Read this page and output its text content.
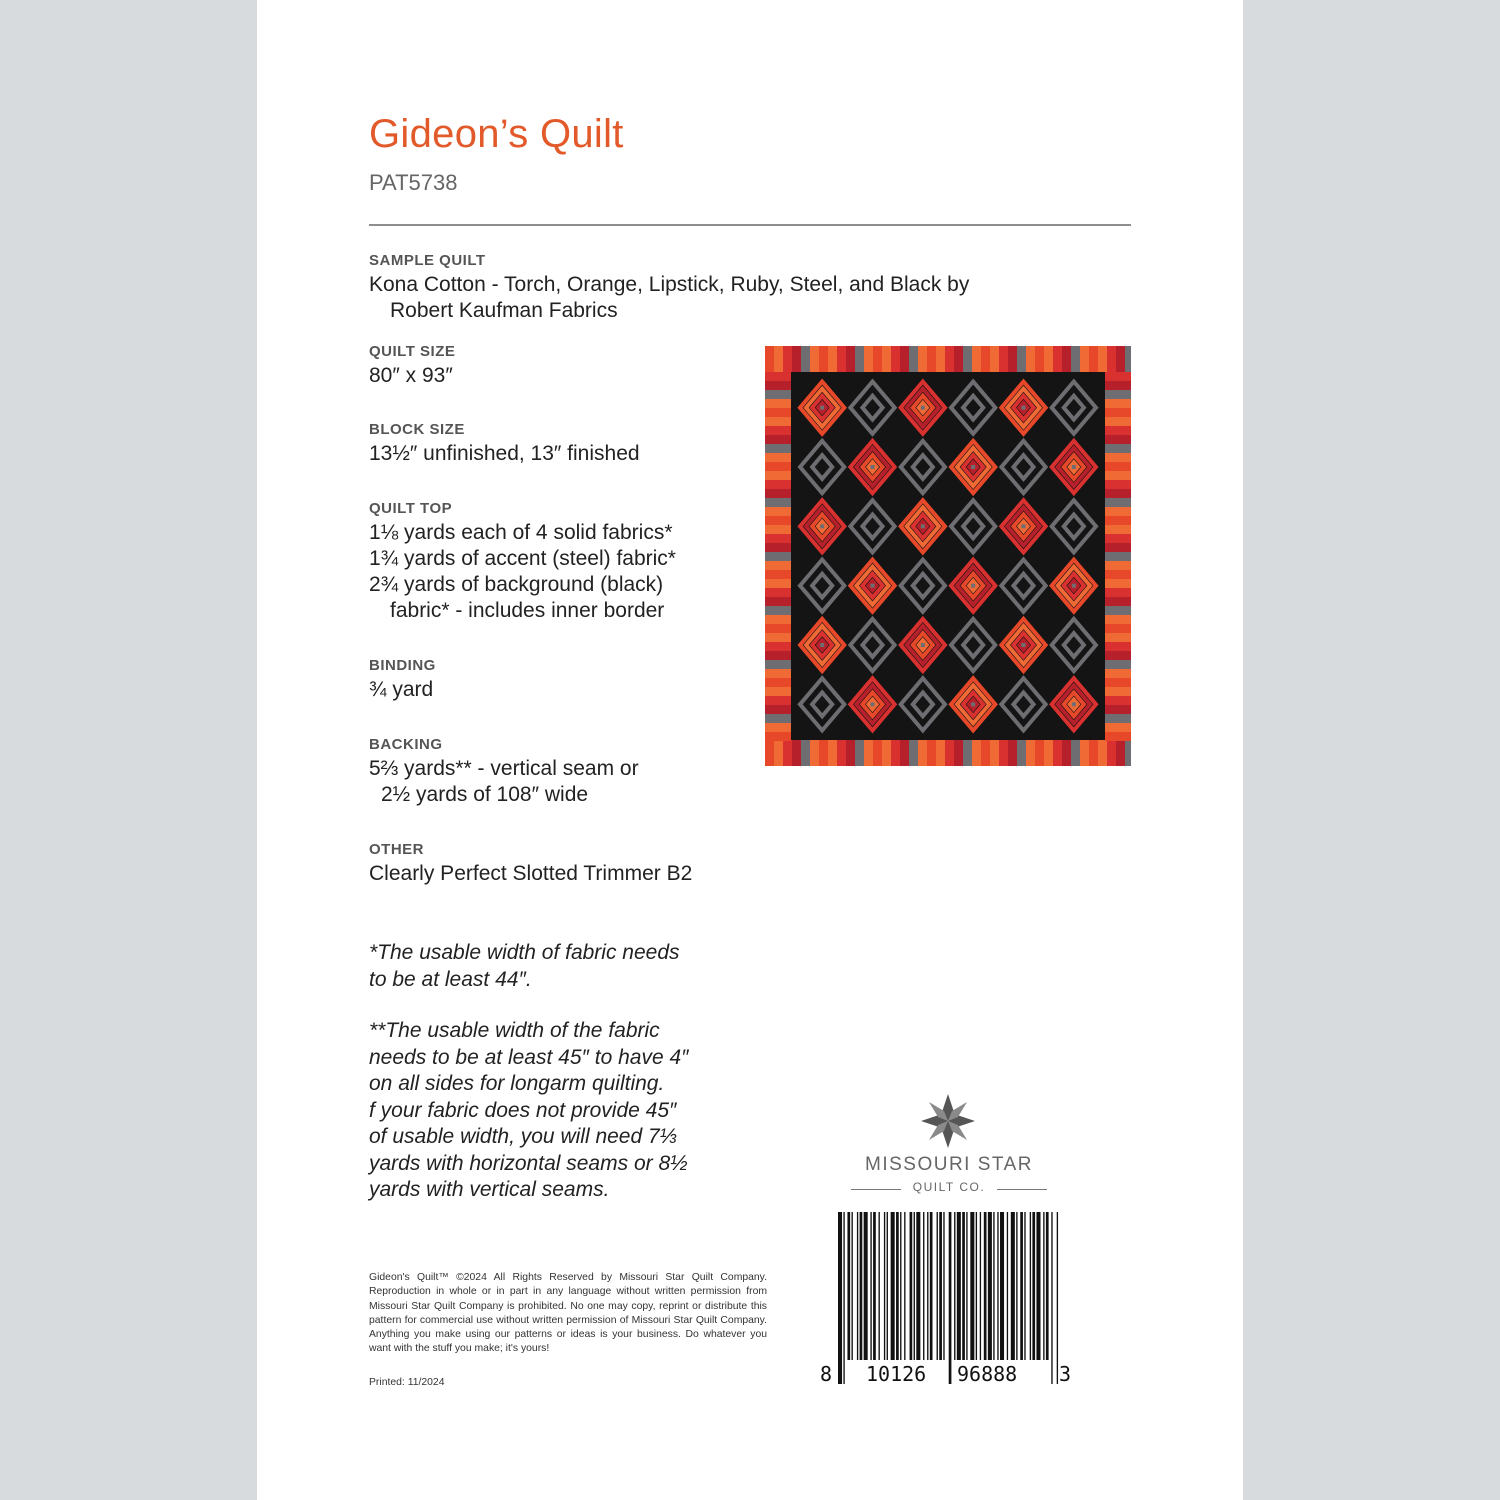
Gideon’s Quilt
PAT5738
SAMPLE QUILT
Kona Cotton - Torch, Orange, Lipstick, Ruby, Steel, and Black by
Robert Kaufman Fabrics
QUILT SIZE
80″ x 93″
BLOCK SIZE
13½″ unfinished, 13″ finished
QUILT TOP
1⅛ yards each of 4 solid fabrics*
1¾ yards of accent (steel) fabric*
2¾ yards of background (black)
fabric* - includes inner border
BINDING
¾ yard
BACKING
5⅔ yards** - vertical seam or
2½ yards of 108″ wide
OTHER
Clearly Perfect Slotted Trimmer B2
*The usable width of fabric needs
to be at least 44″.
**The usable width of the fabric
needs to be at least 45″ to have 4″
on all sides for longarm quilting.
f your fabric does not provide 45″
of usable width, you will need 7⅓
yards with horizontal seams or 8½
yards with vertical seams.
Gideon's Quilt™ ©2024 All Rights Reserved by Missouri Star Quilt Company. Reproduction in whole or in part in any language without written permission from Missouri Star Quilt Company is prohibited. No one may copy, reprint or distribute this pattern for commercial use without written permission of Missouri Star Quilt Company. Anything you make using our patterns or ideas is your business. Do whatever you want with the stuff you make; it's yours!
Printed: 11/2024
MISSOURI STAR
QUILT CO.
8 10126 96888 3
